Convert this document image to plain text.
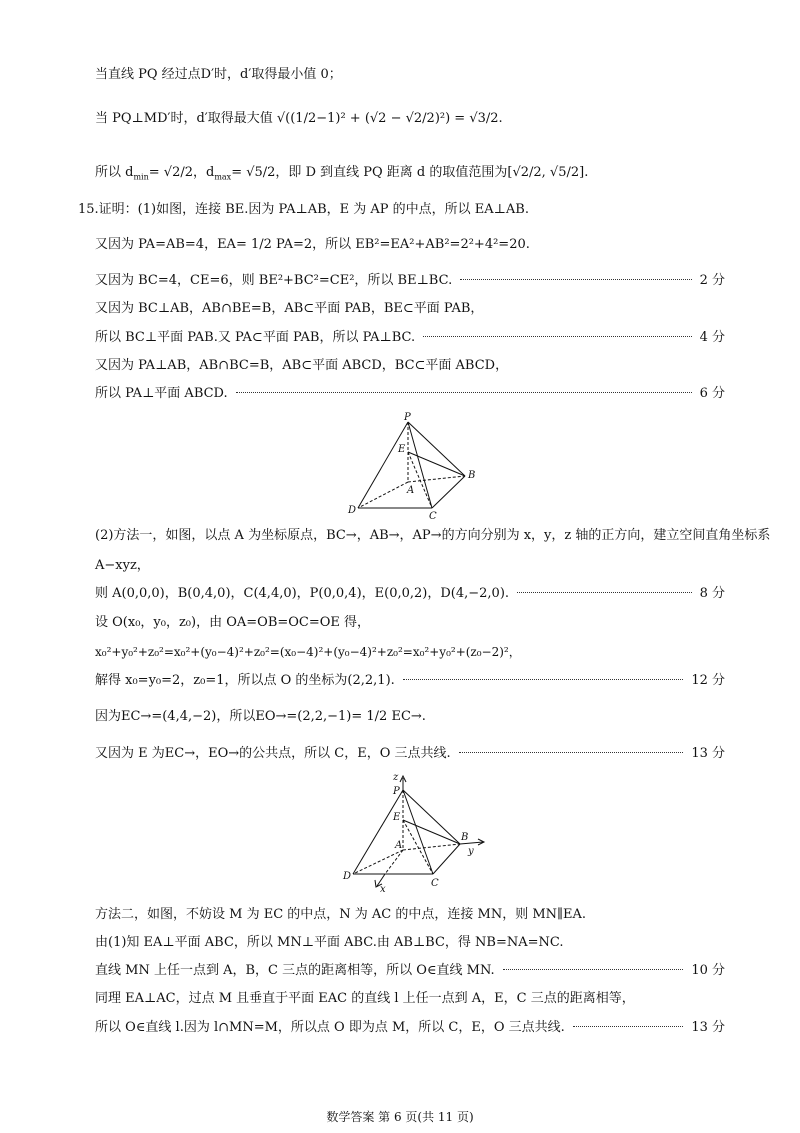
当直线 PQ 经过点D′时，d′取得最小值 0；
当 PQ⊥MD′时，d′取得最大值 √((1/2−1)² + (√2 − √2/2)²) = √3/2.
所以 $d_{min}= √2/2$，$d_{max}= √5/2$，即 D 到直线 PQ 距离 d 的取值范围为[√2/2, √5/2].
15.证明：(1)如图，连接 BE.因为 PA⊥AB，E 为 AP 的中点，所以 EA⊥AB.
又因为 PA=AB=4，EA= 1/2 PA=2，所以 EB²=EA²+AB²=2²+4²=20.
又因为 BC=4，CE=6，则 BE²+BC²=CE²，所以 BE⊥BC.	2 分
又因为 BC⊥AB，AB∩BE=B，AB⊂平面 PAB，BE⊂平面 PAB，
所以 BC⊥平面 PAB.又 PA⊂平面 PAB，所以 PA⊥BC.	4 分
又因为 PA⊥AB，AB∩BC=B，AB⊂平面 ABCD，BC⊂平面 ABCD，
所以 PA⊥平面 ABCD.	6 分
P
E
A
B
D
C
(2)方法一，如图，以点 A 为坐标原点，BC→，AB→，AP→的方向分别为 x，y，z 轴的正方向，建立空间直角坐标系
A−xyz，
则 A(0,0,0)，B(0,4,0)，C(4,4,0)，P(0,0,4)，E(0,0,2)，D(4,−2,0).	8 分
设 O(x₀，y₀，z₀)，由 OA=OB=OC=OE 得，
x₀²+y₀²+z₀²=x₀²+(y₀−4)²+z₀²=(x₀−4)²+(y₀−4)²+z₀²=x₀²+y₀²+(z₀−2)²，
解得 x₀=y₀=2，z₀=1，所以点 O 的坐标为(2,2,1).	12 分
因为EC→=(4,4,−2)，所以EO→=(2,2,−1)= 1/2 EC→.
又因为 E 为EC→，EO→的公共点，所以 C，E，O 三点共线.	13 分
z
P
E
A
B
y
D
x
C
方法二，如图，不妨设 M 为 EC 的中点，N 为 AC 的中点，连接 MN，则 MN∥EA.
由(1)知 EA⊥平面 ABC，所以 MN⊥平面 ABC.由 AB⊥BC，得 NB=NA=NC.
直线 MN 上任一点到 A，B，C 三点的距离相等，所以 O∈直线 MN.	10 分
同理 EA⊥AC，过点 M 且垂直于平面 EAC 的直线 l 上任一点到 A，E，C 三点的距离相等，
所以 O∈直线 l.因为 l∩MN=M，所以点 O 即为点 M，所以 C，E，O 三点共线.	13 分
数学答案 第 6 页(共 11 页)
